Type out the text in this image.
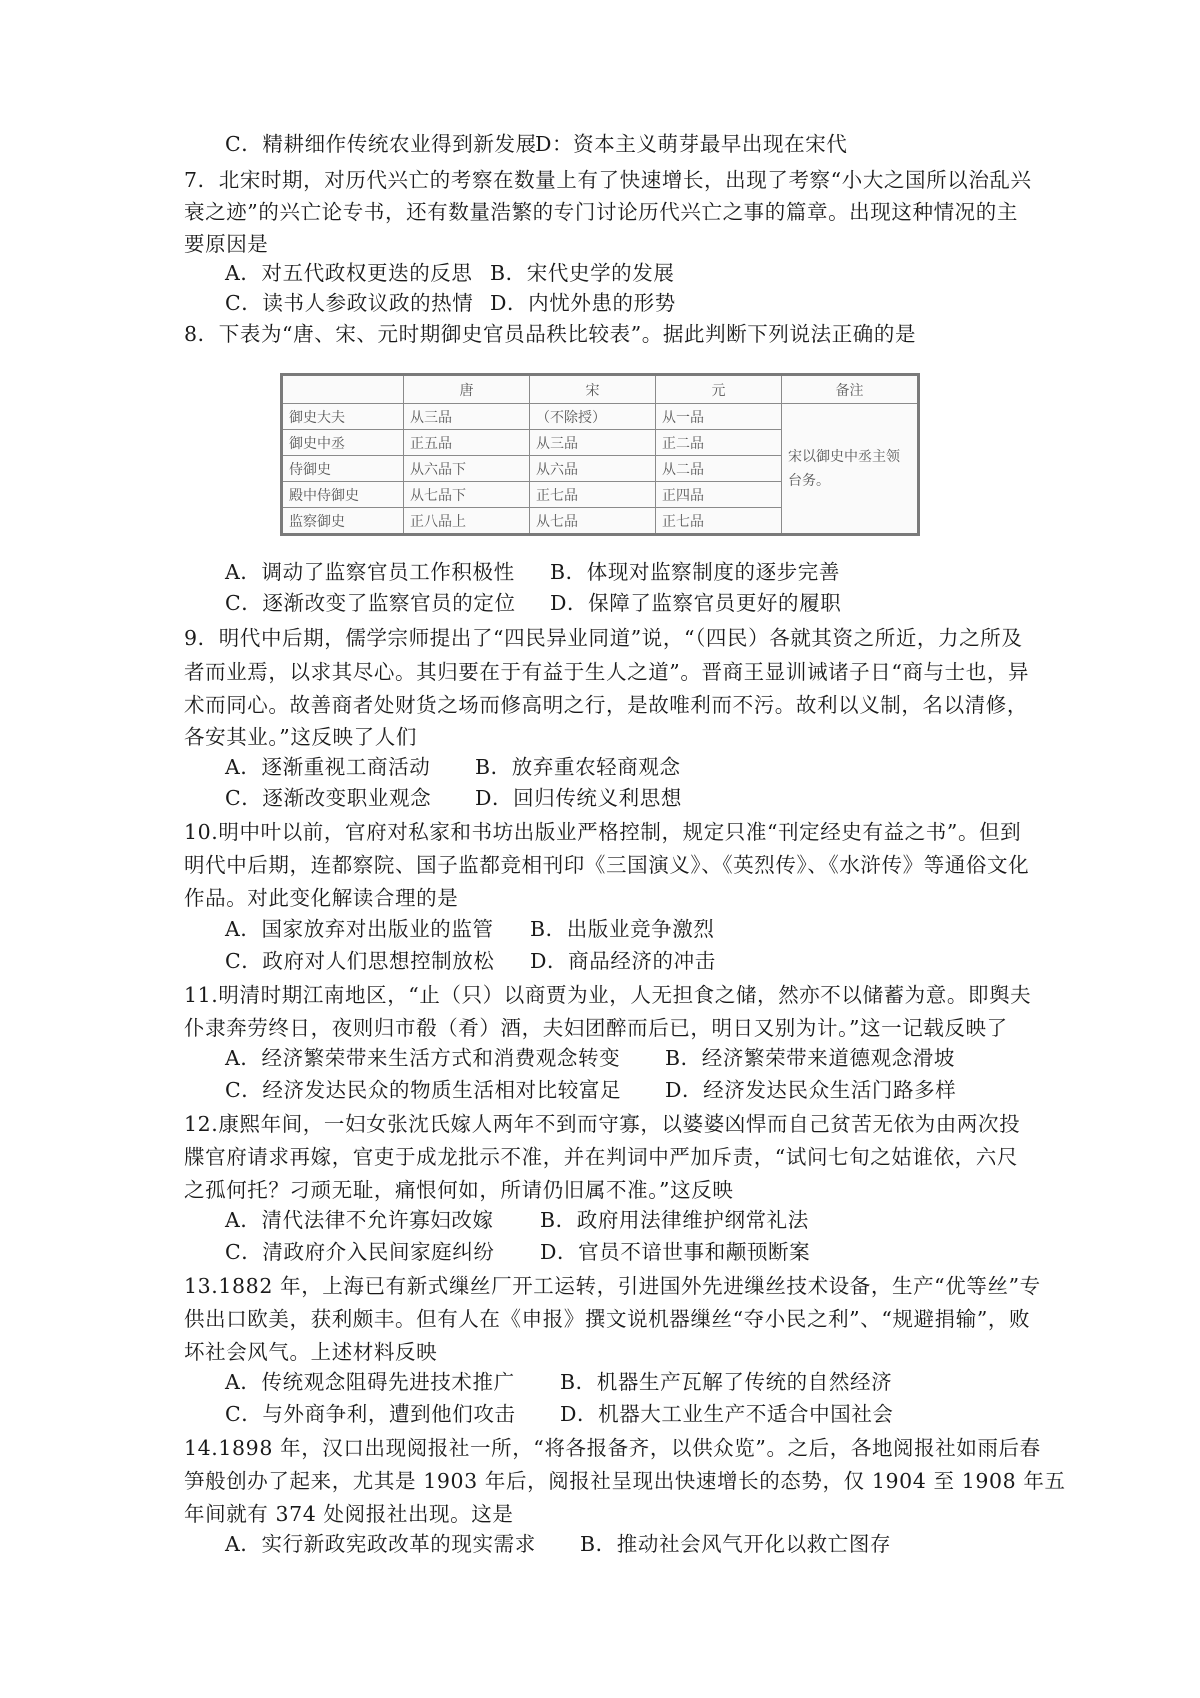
C．精耕细作传统农业得到新发展
D：资本主义萌芽最早出现在宋代
7．北宋时期，对历代兴亡的考察在数量上有了快速增长，出现了考察“小大之国所以治乱兴
衰之迹”的兴亡论专书，还有数量浩繁的专门讨论历代兴亡之事的篇章。出现这种情况的主
要原因是
A．对五代政权更迭的反思 B．宋代史学的发展
C．读书人参政议政的热情 D．内忧外患的形势
8．下表为“唐、宋、元时期御史官员品秩比较表”。据此判断下列说法正确的是
	唐	宋	元	备注
御史大夫	从三品	（不除授）	从一品	宋以御史中丞主领台务。
御史中丞	正五品	从三品	正二品	
侍御史	从六品下	从六品	从二品	
殿中侍御史	从七品下	正七品	正四品	
监察御史	正八品上	从七品	正七品	
A．调动了监察官员工作积极性 B．体现对监察制度的逐步完善
C．逐渐改变了监察官员的定位 D．保障了监察官员更好的履职
9．明代中后期，儒学宗师提出了“四民异业同道”说，“（四民）各就其资之所近，力之所及
者而业焉，以求其尽心。其归要在于有益于生人之道”。晋商王显训诫诸子日“商与士也，异
术而同心。故善商者处财货之场而修高明之行，是故唯利而不污。故利以义制，名以清修，
各安其业。”这反映了人们
A．逐渐重视工商活动 B．放弃重农轻商观念
C．逐渐改变职业观念 D．回归传统义利思想
10.明中叶以前，官府对私家和书坊出版业严格控制，规定只准“刊定经史有益之书”。但到
明代中后期，连都察院、国子监都竞相刊印《三国演义》、《英烈传》、《水浒传》等通俗文化
作品。对此变化解读合理的是
A．国家放弃对出版业的监管 B．出版业竞争激烈
C．政府对人们思想控制放松 D．商品经济的冲击
11.明清时期江南地区，“止（只）以商贾为业，人无担食之储，然亦不以储蓄为意。即舆夫
仆隶奔劳终日，夜则归市殽（肴）酒，夫妇团醉而后已，明日又别为计。”这一记载反映了
A．经济繁荣带来生活方式和消费观念转变 B．经济繁荣带来道德观念滑坡
C．经济发达民众的物质生活相对比较富足 D．经济发达民众生活门路多样
12.康熙年间，一妇女张沈氏嫁人两年不到而守寡，以婆婆凶悍而自己贫苦无依为由两次投
牒官府请求再嫁，官吏于成龙批示不准，并在判词中严加斥责，“试问七旬之姑谁依，六尺
之孤何托？刁顽无耻，痛恨何如，所请仍旧属不准。”这反映
A．清代法律不允许寡妇改嫁 B．政府用法律维护纲常礼法
C．清政府介入民间家庭纠纷 D．官员不谙世事和颟顸断案
13.1882 年，上海已有新式缫丝厂开工运转，引进国外先进缫丝技术设备，生产“优等丝”专
供出口欧美，获利颇丰。但有人在《申报》撰文说机器缫丝“夺小民之利”、“规避捐输”，败
坏社会风气。上述材料反映
A．传统观念阻碍先进技术推广 B．机器生产瓦解了传统的自然经济
C．与外商争利，遭到他们攻击 D．机器大工业生产不适合中国社会
14.1898 年，汉口出现阅报社一所，“将各报备齐，以供众览”。之后，各地阅报社如雨后春
笋般创办了起来，尤其是 1903 年后，阅报社呈现出快速增长的态势，仅 1904 至 1908 年五
年间就有 374 处阅报社出现。这是
A．实行新政宪政改革的现实需求 B．推动社会风气开化以救亡图存
